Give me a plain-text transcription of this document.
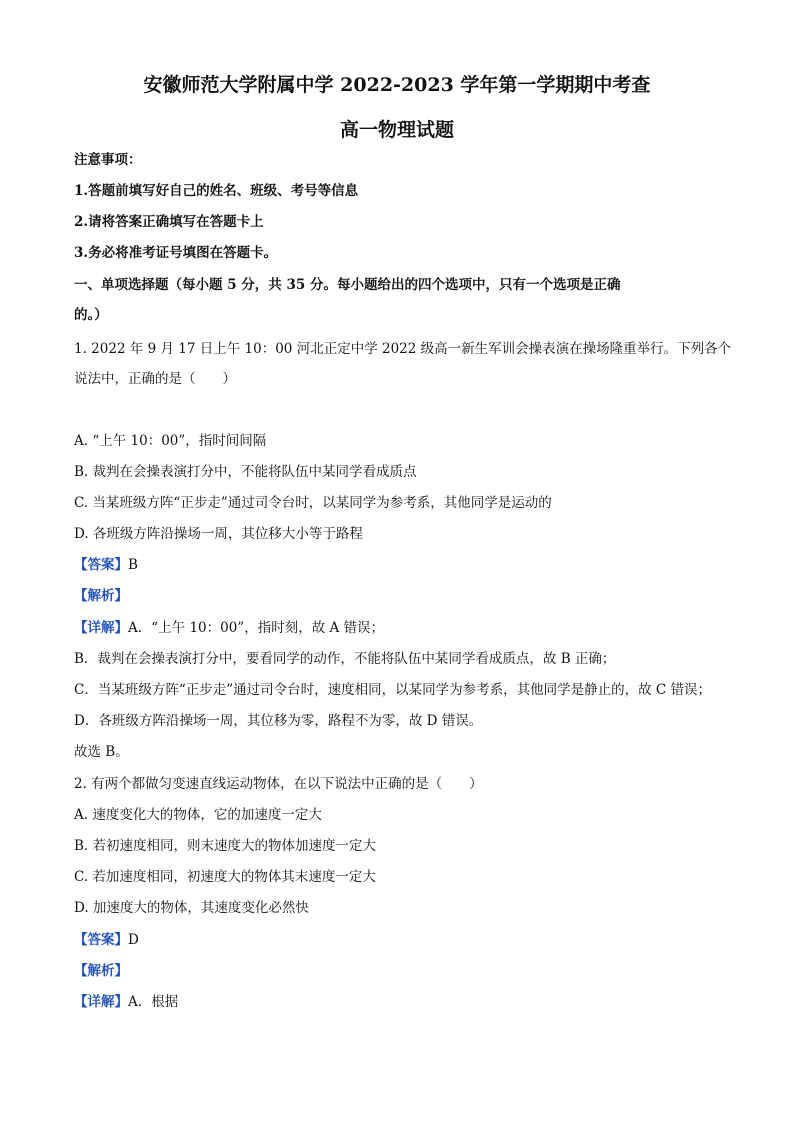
安徽师范大学附属中学 2022-2023 学年第一学期期中考查
高一物理试题
注意事项：
1.答题前填写好自己的姓名、班级、考号等信息
2.请将答案正确填写在答题卡上
3.务必将准考证号填图在答题卡。
一、单项选择题（每小题 5 分，共 35 分。每小题给出的四个选项中，只有一个选项是正确
的。）
1. 2022 年 9 月 17 日上午 10：00 河北正定中学 2022 级高一新生军训会操表演在操场隆重举行。下列各个
说法中，正确的是（　　）
A. “上午 10：00”，指时间间隔
B. 裁判在会操表演打分中，不能将队伍中某同学看成质点
C. 当某班级方阵“正步走”通过司令台时，以某同学为参考系，其他同学是运动的
D. 各班级方阵沿操场一周，其位移大小等于路程
【答案】B
【解析】
【详解】A．“上午 10：00”，指时刻，故 A 错误；
B．裁判在会操表演打分中，要看同学的动作，不能将队伍中某同学看成质点，故 B 正确；
C．当某班级方阵“正步走”通过司令台时，速度相同，以某同学为参考系，其他同学是静止的，故 C 错误；
D．各班级方阵沿操场一周，其位移为零，路程不为零，故 D 错误。
故选 B。
2. 有两个都做匀变速直线运动物体，在以下说法中正确的是（　　）
A. 速度变化大的物体，它的加速度一定大
B. 若初速度相同，则末速度大的物体加速度一定大
C. 若加速度相同，初速度大的物体其末速度一定大
D. 加速度大的物体，其速度变化必然快
【答案】D
【解析】
【详解】A．根据
